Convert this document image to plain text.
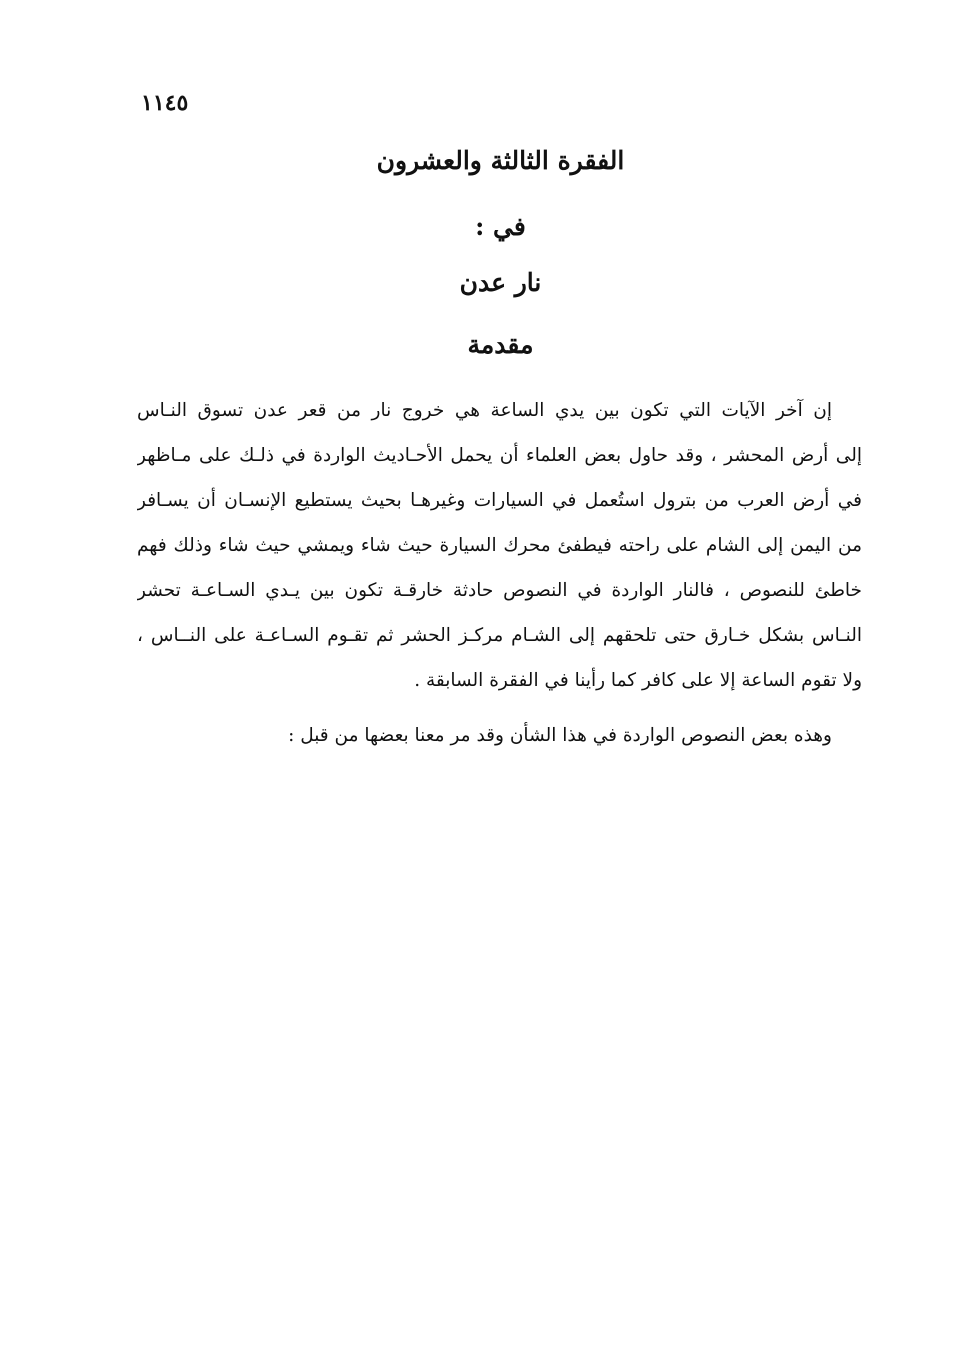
١١٤٥
الفقرة الثالثة والعشرون
في :
نار عدن
مقدمة
إن آخر الآيات التي تكون بين يدي الساعة هي خروج نار من قعر عدن تسوق النـاس
إلى أرض المحشر ، وقد حاول بعض العلماء أن يحمل الأحـاديث الواردة في ذلـك على مـاظهر
في أرض العرب من بترول استُعمل في السيارات وغيرهـا بحيث يستطيع الإنسـان أن يسـافر
من اليمن إلى الشام على راحته فيطفئ محرك السيارة حيث شاء ويمشي حيث شاء وذلك فهم
خاطئ للنصوص ، فالنار الواردة في النصوص حادثة خارقـة تكون بين يـدي السـاعـة تحشر
النـاس بشكل خـارق حتى تلحقهم إلى الشـام مركـز الحشر ثم تقـوم السـاعـة على النــاس ،
ولا تقوم الساعة إلا على كافر كما رأينا في الفقرة السابقة .
وهذه بعض النصوص الواردة في هذا الشأن وقد مر معنا بعضها من قبل :
